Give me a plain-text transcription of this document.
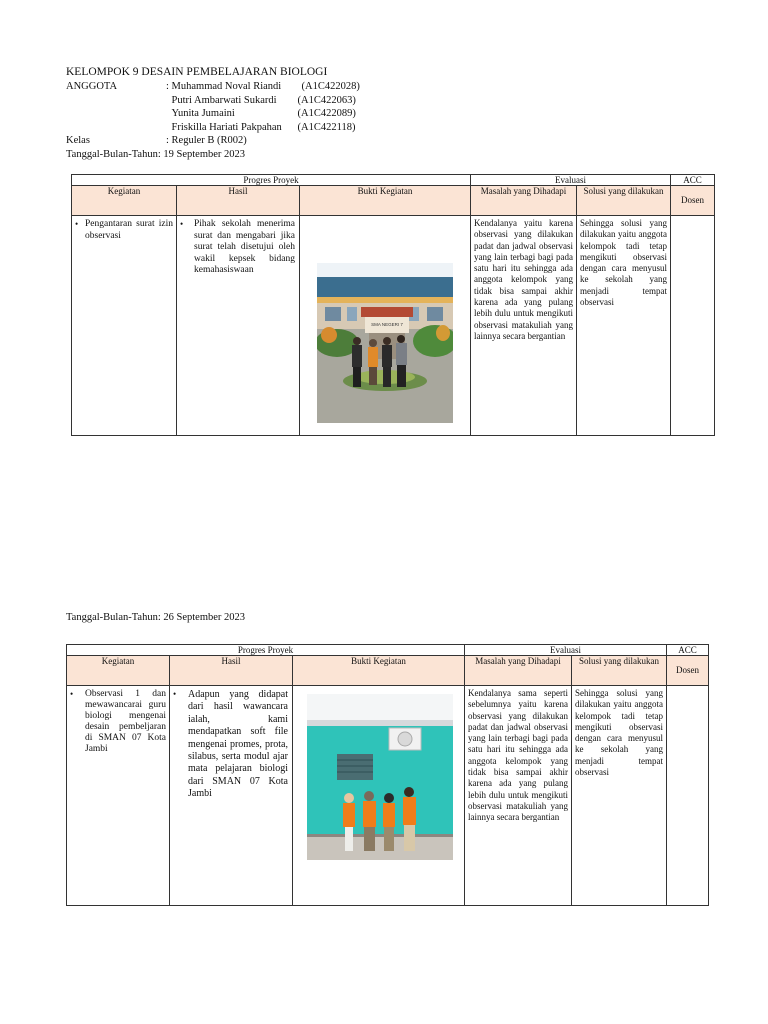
KELOMPOK 9 DESAIN PEMBELAJARAN BIOLOGI
ANGGOTA	: Muhammad Noval Riandi (A1C422028)
Putri Ambarwati Sukardi (A1C422063)
Yunita Jumaini	(A1C422089)
Friskilla Hariati Pakpahan (A1C422118)
Kelas	: Reguler B (R002)
Tanggal-Bulan-Tahun: 19 September 2023
Progres Proyek			Evaluasi		ACC
Kegiatan	Hasil	Bukti Kegiatan	Masalah yang Dihadapi	Solusi yang dilakukan	Dosen

• Pengantaran surat izin observasi	• Pihak sekolah menerima surat dan mengabari jika surat telah disetujui oleh wakil kepsek bidang kemahasiswaan	SMA NEGERI 7	Kendalanya yaitu karena observasi yang dilakukan padat dan jadwal observasi yang lain terbagi bagi pada satu hari itu sehingga ada anggota kelompok yang tidak bisa sampai akhir karena ada yang pulang lebih dulu untuk mengikuti observasi matakuliah yang lainnya secara bergantian	Sehingga solusi yang dilakukan yaitu anggota kelompok tadi tetap mengikuti observasi dengan cara menyusul ke sekolah yang menjadi tempat observasi	

Tanggal-Bulan-Tahun: 26 September 2023
Progres Proyek			Evaluasi		ACC
Kegiatan	Hasil	Bukti Kegiatan	Masalah yang Dihadapi	Solusi yang dilakukan	Dosen

• Observasi 1 dan mewawancarai guru biologi mengenai desain pembeljaran di SMAN 07 Kota Jambi	• Adapun yang didapat dari hasil wawancara ialah, kami mendapatkan soft file mengenai promes, prota, silabus, serta modul ajar mata pelajaran biologi dari SMAN 07 Kota Jambi		Kendalanya sama seperti sebelumnya yaitu karena observasi yang dilakukan padat dan jadwal observasi yang lain terbagi bagi pada satu hari itu sehingga ada anggota kelompok yang tidak bisa sampai akhir karena ada yang pulang lebih dulu untuk mengikuti observasi matakuliah yang lainnya secara bergantian	Sehingga solusi yang dilakukan yaitu anggota kelompok tadi tetap mengikuti observasi dengan cara menyusul ke sekolah yang menjadi tempat observasi	
